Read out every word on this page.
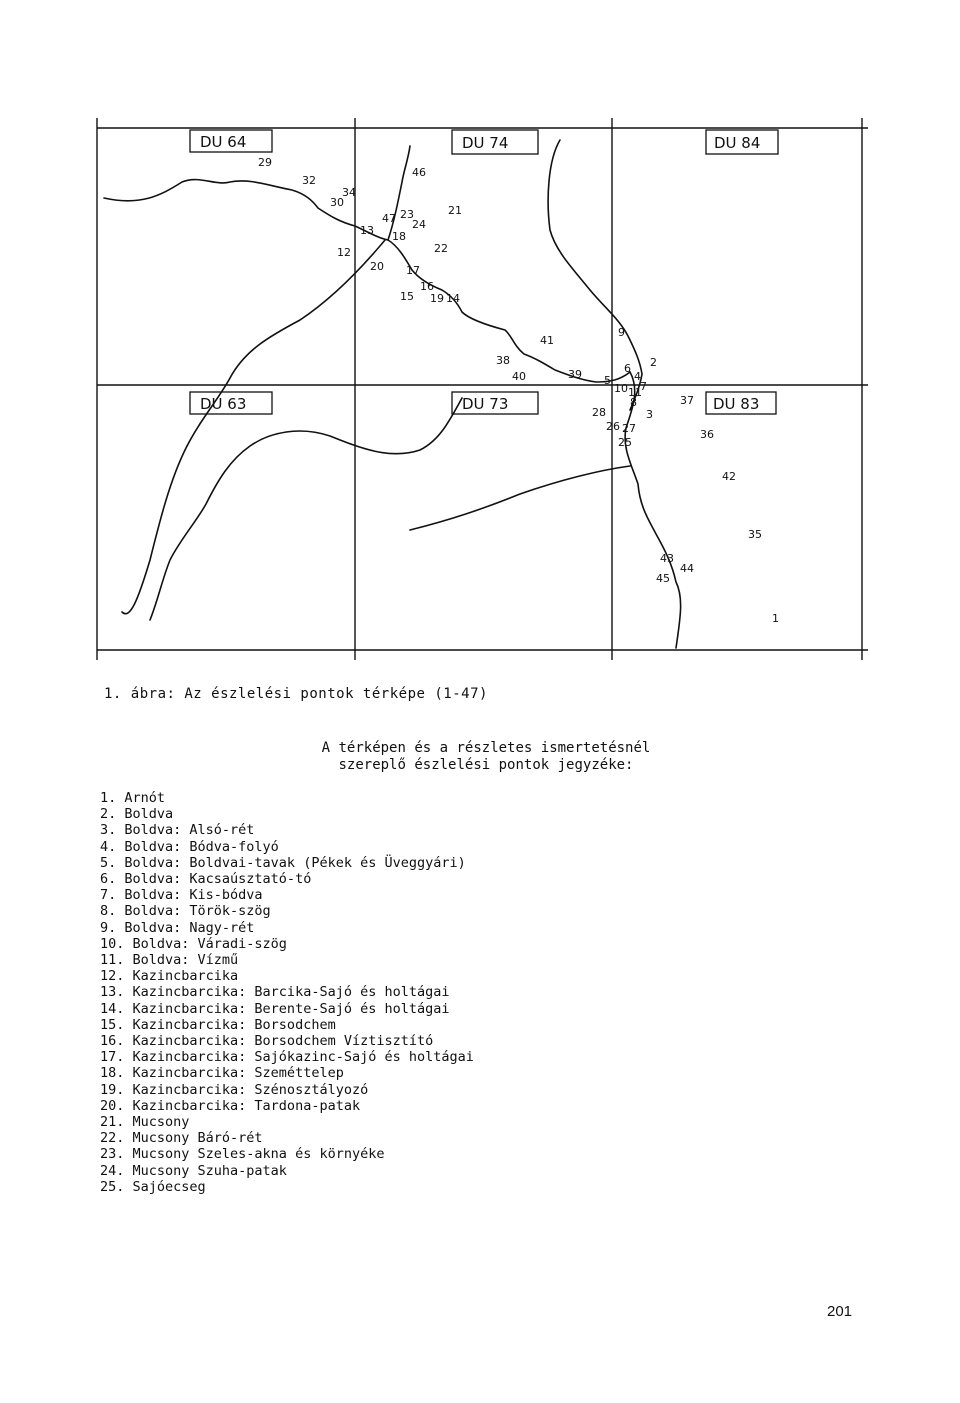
DU 64	DU 74	DU 84
DU 63	DU 73	DU 83
29
32
34
30
46
47 23
24
21
13 18
12	22
20 17
16
15 19 14
41
38
40	39 5
6
4
7
9
2
28
10 11
8
3
37
26 27
25
36
42
35
43
44
45
1
1. ábra: Az észlelési pontok térképe (1-47)
A térképen és a részletes ismertetésnél
szereplő észlelési pontok jegyzéke:
1. Arnót
2. Boldva
3. Boldva: Alsó-rét
4. Boldva: Bódva-folyó
5. Boldva: Boldvai-tavak (Pékek és Üveggyári)
6. Boldva: Kacsaúsztató-tó
7. Boldva: Kis-bódva
8. Boldva: Török-szög
9. Boldva: Nagy-rét
10. Boldva: Váradi-szög
11. Boldva: Vízmű
12. Kazincbarcika
13. Kazincbarcika: Barcika-Sajó és holtágai
14. Kazincbarcika: Berente-Sajó és holtágai
15. Kazincbarcika: Borsodchem
16. Kazincbarcika: Borsodchem Víztisztító
17. Kazincbarcika: Sajókazinc-Sajó és holtágai
18. Kazincbarcika: Szeméttelep
19. Kazincbarcika: Szénosztályozó
20. Kazincbarcika: Tardona-patak
21. Mucsony
22. Mucsony Báró-rét
23. Mucsony Szeles-akna és környéke
24. Mucsony Szuha-patak
25. Sajóecseg
201
